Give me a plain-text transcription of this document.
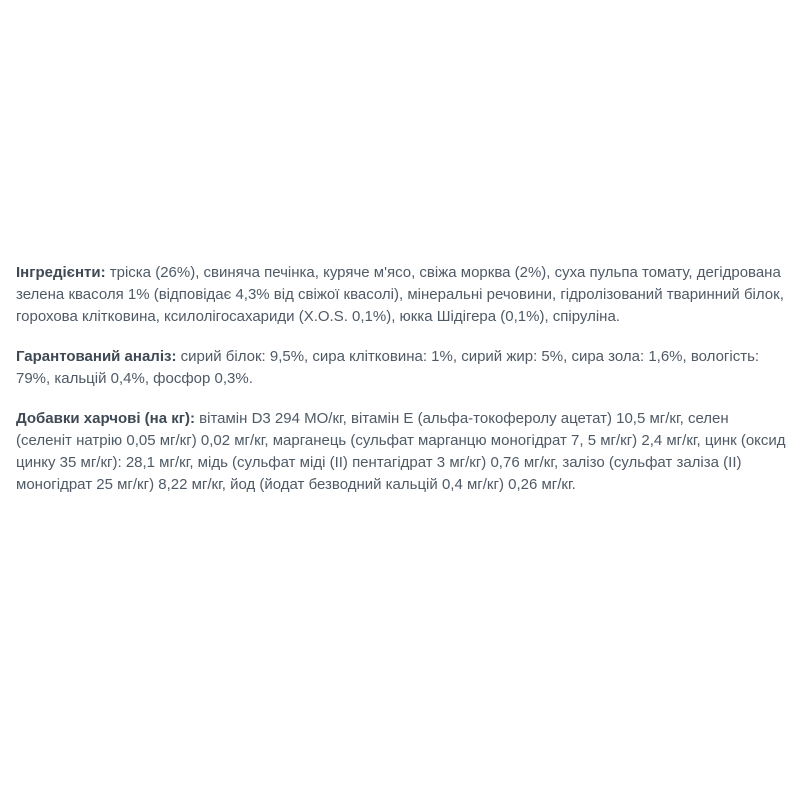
Інгредієнти: тріска (26%), свиняча печінка, куряче м'ясо, свіжа морква (2%), суха пульпа томату, дегідрована зелена квасоля 1% (відповідає 4,3% від свіжої квасолі), мінеральні речовини, гідролізований тваринний білок, горохова клітковина, ксилолігосахариди (X.O.S. 0,1%), юкка Шідігера (0,1%), спіруліна.

Гарантований аналіз: сирий білок: 9,5%, сира клітковина: 1%, сирий жир: 5%, сира зола: 1,6%, вологість: 79%, кальцій 0,4%, фосфор 0,3%.

Добавки харчові (на кг): вітамін D3 294 МО/кг, вітамін Е (альфа-токоферолу ацетат) 10,5 мг/кг, селен (селеніт натрію 0,05 мг/кг) 0,02 мг/кг, марганець (сульфат марганцю моногідрат 7, 5 мг/кг) 2,4 мг/кг, цинк (оксид цинку 35 мг/кг): 28,1 мг/кг, мідь (сульфат міді (II) пентагідрат 3 мг/кг) 0,76 мг/кг, залізо (сульфат заліза (II) моногідрат 25 мг/кг) 8,22 мг/кг, йод (йодат безводний кальцій 0,4 мг/кг) 0,26 мг/кг.
